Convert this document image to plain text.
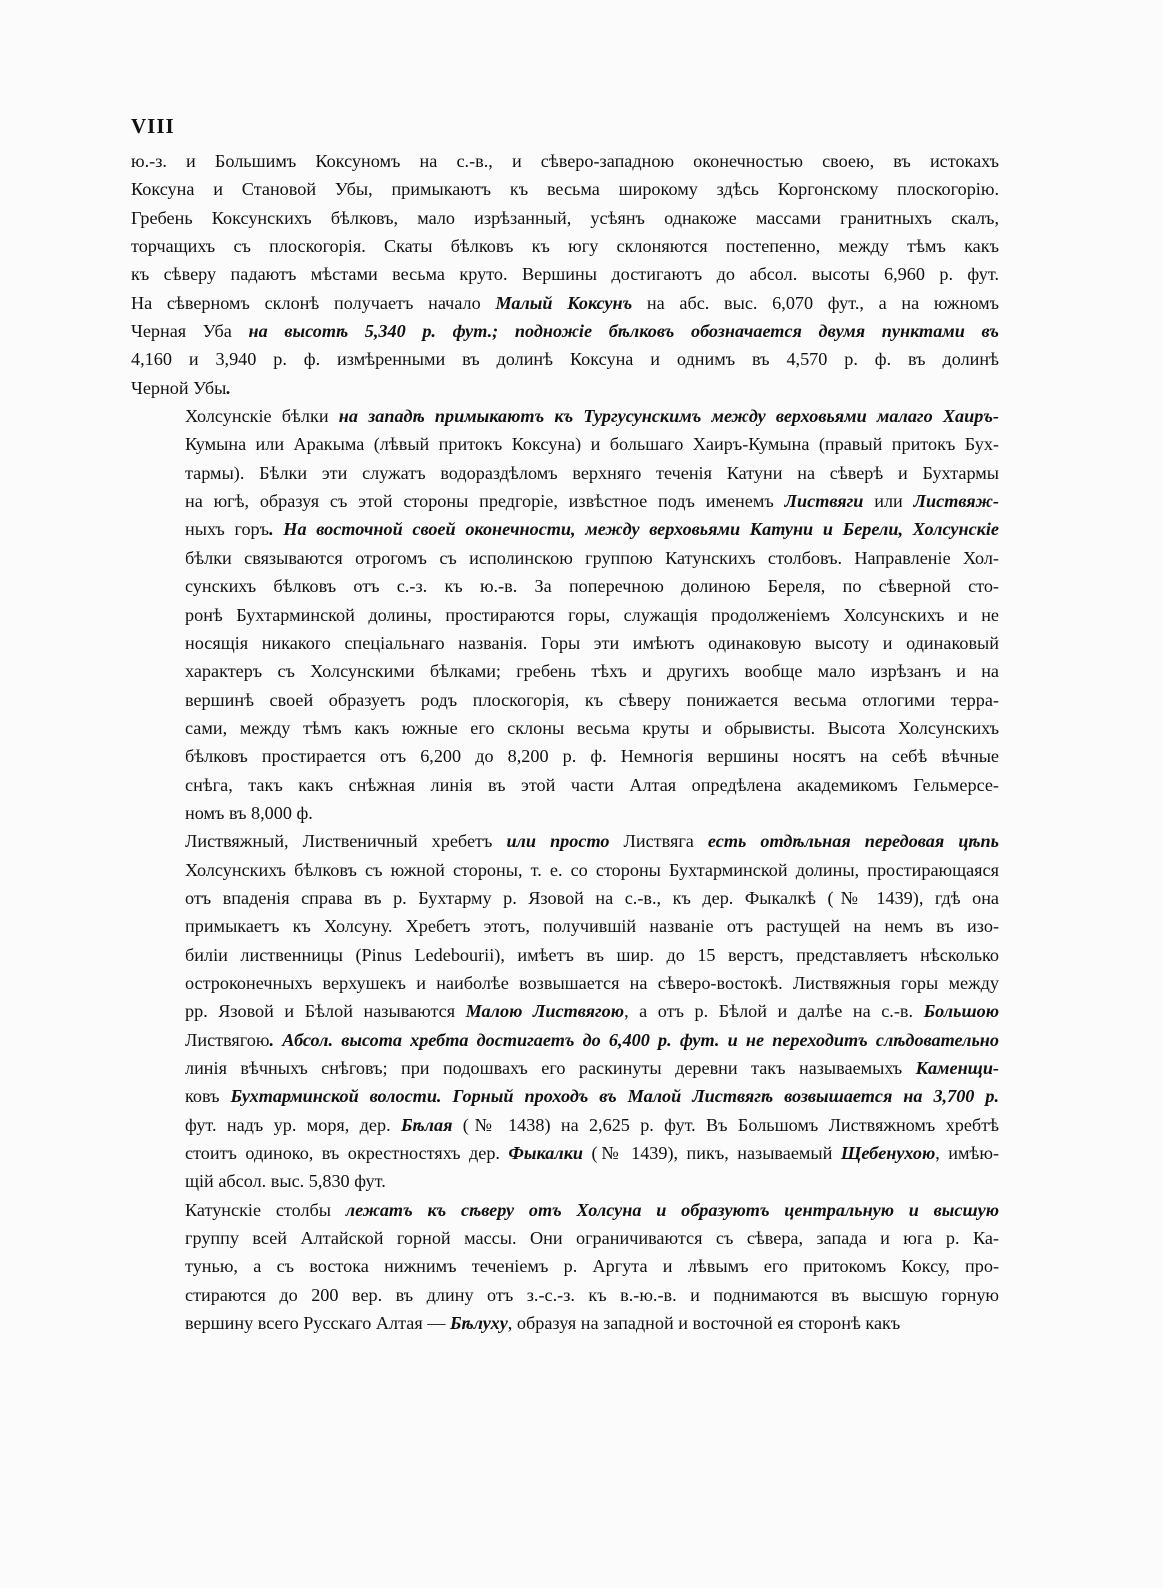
VIII

ю.-з. и Большимъ Коксуномъ на с.-в., и сѣверо-западною оконечностью своею, въ истокахъ
Коксуна и Становой Убы, примыкаютъ къ весьма широкому здѣсь Коргонскому плоскогорію.
Гребень Коксунскихъ бѣлковъ, мало изрѣзанный, усѣянъ однакоже массами гранитныхъ скалъ,
торчащихъ съ плоскогорія. Скаты бѣлковъ къ югу склоняются постепенно, между тѣмъ какъ
къ сѣверу падаютъ мѣстами весьма круто. Вершины достигаютъ до абсол. высоты 6,960 р. фут.
На сѣверномъ склонѣ получаетъ начало Малый Коксунъ на абс. выс. 6,070 фут., а на южномъ
Черная Уба на высотѣ 5,340 р. фут.; подножіе бѣлковъ обозначается двумя пунктами въ
4,160 и 3,940 р. ф. измѣренными въ долинѣ Коксуна и однимъ въ 4,570 р. ф. въ долинѣ
Черной Убы.

Холсунскіе бѣлки на западѣ примыкаютъ къ Тургусунскимъ между верховьями малаго Хаиръ-
Кумына или Аракыма (лѣвый притокъ Коксуна) и большаго Хаиръ-Кумына (правый притокъ Бух-
тармы). Бѣлки эти служатъ водораздѣломъ верхняго теченія Катуни на сѣверѣ и Бухтармы
на югѣ, образуя съ этой стороны предгоріе, извѣстное подъ именемъ Листвяги или Листвяж-
ныхъ горъ. На восточной своей оконечности, между верховьями Катуни и Берели, Холсунскіе
бѣлки связываются отрогомъ съ исполинскою группою Катунскихъ столбовъ. Направленіе Хол-
сунскихъ бѣлковъ отъ с.-з. къ ю.-в. За поперечною долиною Береля, по сѣверной сто-
ронѣ Бухтарминской долины, простираются горы, служащія продолженіемъ Холсунскихъ и не
носящія никакого спеціальнаго названія. Горы эти имѣютъ одинаковую высоту и одинаковый
характеръ съ Холсунскими бѣлками; гребень тѣхъ и другихъ вообще мало изрѣзанъ и на
вершинѣ своей образуетъ родъ плоскогорія, къ сѣверу понижается весьма отлогими терра-
сами, между тѣмъ какъ южные его склоны весьма круты и обрывисты. Высота Холсунскихъ
бѣлковъ простирается отъ 6,200 до 8,200 р. ф. Немногія вершины носятъ на себѣ вѣчные
снѣга, такъ какъ снѣжная линія въ этой части Алтая опредѣлена академикомъ Гельмерсе-
номъ въ 8,000 ф.

Листвяжный, Лиственичный хребетъ или просто Листвяга есть отдѣльная передовая цѣпь
Холсунскихъ бѣлковъ съ южной стороны, т. е. со стороны Бухтарминской долины, простирающаяся
отъ впаденія справа въ р. Бухтарму р. Язовой на с.-в., къ дер. Фыкалкѣ (№ 1439), гдѣ она
примыкаетъ къ Холсуну. Хребетъ этотъ, получившій названіе отъ растущей на немъ въ изо-
биліи лиственницы (Pinus Ledebourii), имѣетъ въ шир. до 15 верстъ, представляетъ нѣсколько
остроконечныхъ верхушекъ и наиболѣе возвышается на сѣверо-востокѣ. Листвяжныя горы между
рр. Язовой и Бѣлой называются Малою Листвягою, а отъ р. Бѣлой и далѣе на с.-в. Большою
Листвягою. Абсол. высота хребта достигаетъ до 6,400 р. фут. и не переходитъ слѣдовательно
линія вѣчныхъ снѣговъ; при подошвахъ его раскинуты деревни такъ называемыхъ Каменщи-
ковъ Бухтарминской волости. Горный проходъ въ Малой Листвягѣ возвышается на 3,700 р.
фут. надъ ур. моря, дер. Бѣлая (№ 1438) на 2,625 р. фут. Въ Большомъ Листвяжномъ хребтѣ
стоитъ одиноко, въ окрестностяхъ дер. Фыкалки (№ 1439), пикъ, называемый Щебенухою, имѣю-
щій абсол. выс. 5,830 фут.

Катунскіе столбы лежатъ къ сѣверу отъ Холсуна и образуютъ центральную и высшую
группу всей Алтайской горной массы. Они ограничиваются съ сѣвера, запада и юга р. Ка-
тунью, а съ востока нижнимъ теченіемъ р. Аргута и лѣвымъ его притокомъ Коксу, про-
стираются до 200 вер. въ длину отъ з.-с.-з. къ в.-ю.-в. и поднимаются въ высшую горную
вершину всего Русскаго Алтая — Бѣлуху, образуя на западной и восточной ея сторонѣ какъ
